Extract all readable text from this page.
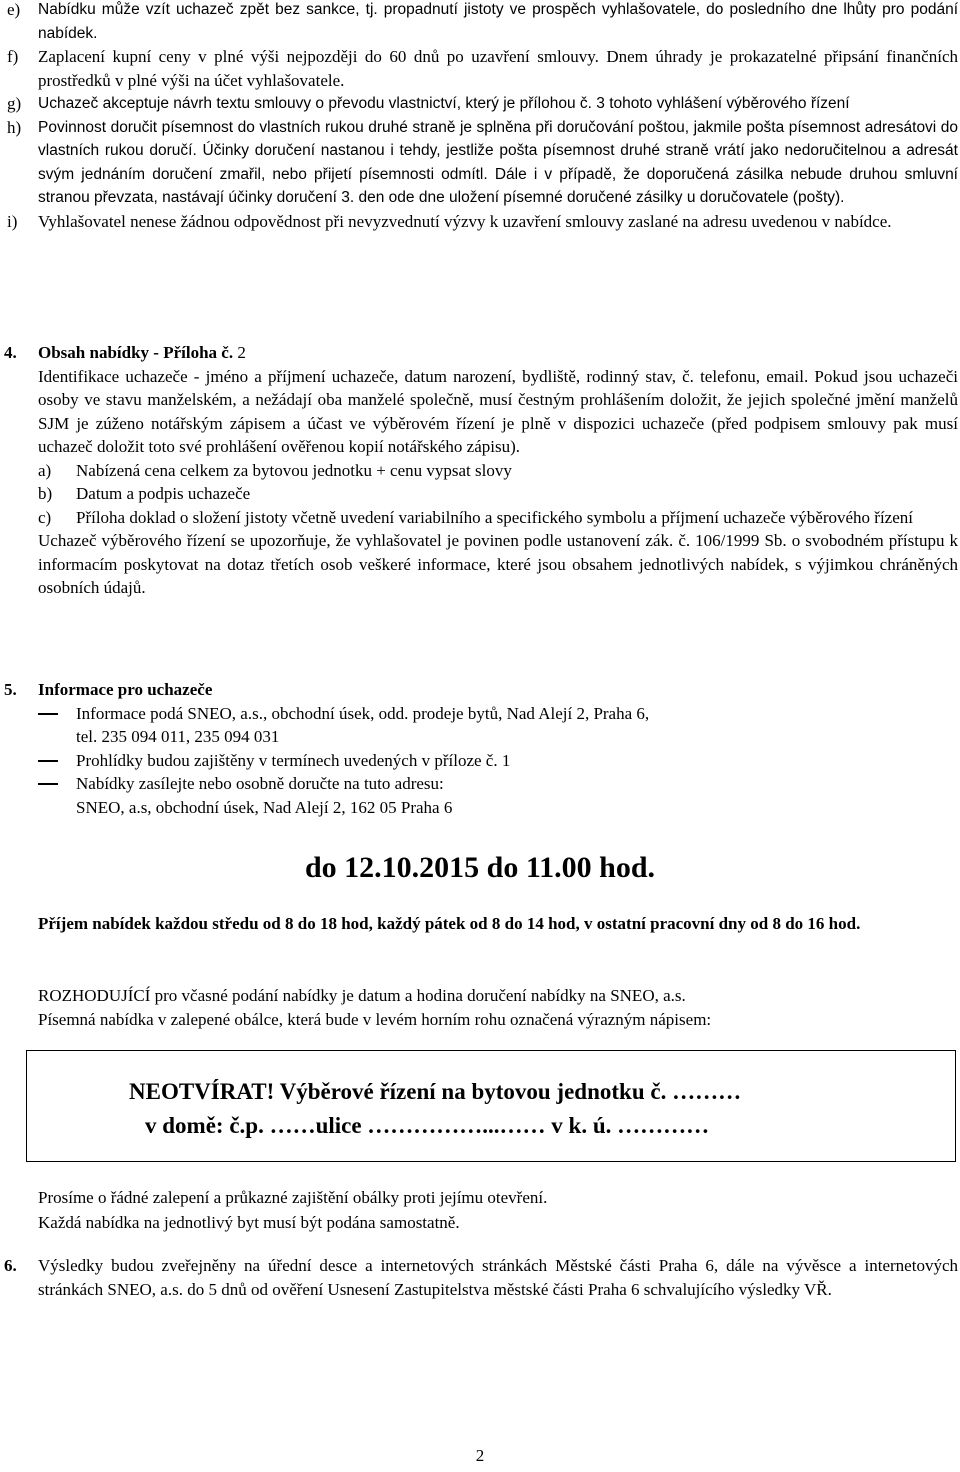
e)	Nabídku může vzít uchazeč zpět bez sankce, tj. propadnutí jistoty ve prospěch vyhlašovatele, do posledního dne lhůty pro podání nabídek.
f)	Zaplacení kupní ceny v plné výši nejpozději do 60 dnů po uzavření smlouvy. Dnem úhrady je prokazatelné připsání finančních prostředků v plné výši na účet vyhlašovatele.
g)	Uchazeč akceptuje návrh textu smlouvy o převodu vlastnictví, který je přílohou č. 3 tohoto vyhlášení výběrového řízení
h)	Povinnost doručit písemnost do vlastních rukou druhé straně je splněna při doručování poštou, jakmile pošta písemnost adresátovi do vlastních rukou doručí. Účinky doručení nastanou i tehdy, jestliže pošta písemnost druhé straně vrátí jako nedoručitelnou a adresát svým jednáním doručení zmařil, nebo přijetí písemnosti odmítl. Dále i v případě, že doporučená zásilka nebude druhou smluvní stranou převzata, nastávají účinky doručení 3. den ode dne uložení písemné doručené zásilky u doručovatele (pošty).
i)	Vyhlašovatel nenese žádnou odpovědnost při nevyzvednutí výzvy k uzavření smlouvy zaslané na adresu uvedenou v nabídce.
4.	Obsah nabídky - Příloha č. 2

Identifikace uchazeče - jméno a příjmení uchazeče, datum narození, bydliště, rodinný stav, č. telefonu, email. Pokud jsou uchazeči osoby ve stavu manželském, a nežádají oba manželé společně, musí čestným prohlášením doložit, že jejich společné jmění manželů SJM je zúženo notářským zápisem a účast ve výběrovém řízení je plně v dispozici uchazeče (před podpisem smlouvy pak musí uchazeč doložit toto své prohlášení ověřenou kopií notářského zápisu).

a)	Nabízená cena celkem za bytovou jednotku + cenu vypsat slovy
b)	Datum a podpis uchazeče
c)	Příloha doklad o složení jistoty včetně uvedení variabilního a specifického symbolu a příjmení uchazeče výběrového řízení

Uchazeč výběrového řízení se upozorňuje, že vyhlašovatel je povinen podle ustanovení zák. č. 106/1999 Sb. o svobodném přístupu k informacím poskytovat na dotaz třetích osob veškeré informace, které jsou obsahem jednotlivých nabídek, s výjimkou chráněných osobních údajů.

5.	Informace pro uchazeče
Informace podá SNEO, a.s., obchodní úsek, odd. prodeje bytů, Nad Alejí 2, Praha 6,
tel. 235 094 011, 235 094 031
Prohlídky budou zajištěny v termínech uvedených v příloze č. 1
Nabídky zasílejte nebo osobně doručte na tuto adresu:
SNEO, a.s, obchodní úsek, Nad Alejí 2, 162 05 Praha 6
do 12.10.2015 do 11.00 hod.

Příjem nabídek každou středu od 8 do 18 hod, každý pátek od 8 do 14 hod, v ostatní pracovní dny od 8 do 16 hod.

ROZHODUJÍCÍ pro včasné podání nabídky je datum a hodina doručení nabídky na SNEO, a.s.

Písemná nabídka v zalepené obálce, která bude v levém horním rohu označená výrazným nápisem:

NEOTVÍRAT! Výběrové řízení na bytovou jednotku č. ………
v domě: č.p. ……ulice ……………...…… v k. ú. …………

Prosíme o řádné zalepení a průkazné zajištění obálky proti jejímu otevření.

Každá nabídka na jednotlivý byt musí být podána samostatně.

6.	Výsledky budou zveřejněny na úřední desce a internetových stránkách Městské části Praha 6, dále na vývěsce a internetových stránkách SNEO, a.s. do 5 dnů od ověření Usnesení Zastupitelstva městské části Praha 6 schvalujícího výsledky VŘ.
2
